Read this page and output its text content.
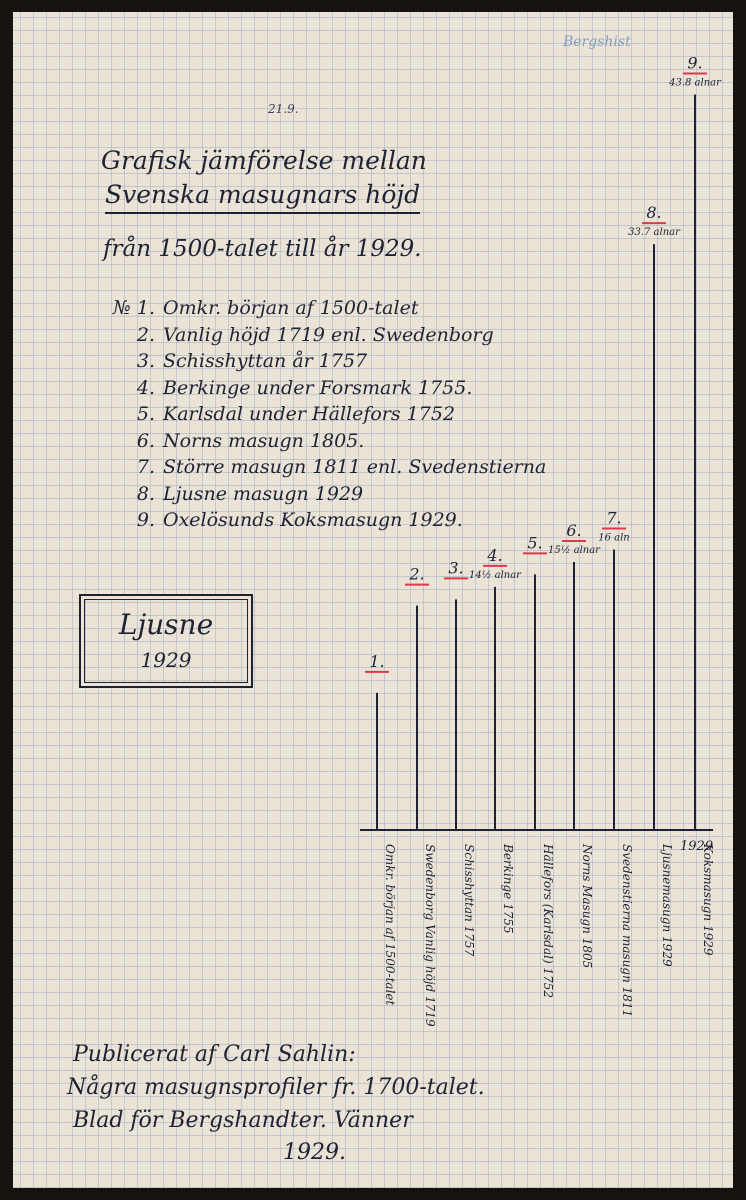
Bergshist
21.9.
Grafisk jämförelse mellan
Svenska masugnars höjd
från 1500-talet till år 1929.
№ 1. Omkr. början af 1500-talet
2. Vanlig höjd 1719 enl. Swedenborg
3. Schisshyttan år 1757
4. Berkinge under Forsmark 1755.
5. Karlsdal under Hällefors 1752
6. Norns masugn 1805.
7. Större masugn 1811 enl. Svedenstierna
8. Ljusne masugn 1929
9. Oxelösunds Koksmasugn 1929.
Ljusne
1929
1929
1.
Omkr. början af 1500-talet
2.
Swedenborg Vanlig höjd 1719
3.
Schisshyttan 1757
4.
14½ alnar
Berkinge 1755
5.
Hällefors (Karlsdal) 1752
6.
15½ alnar
Norns Masugn 1805
7.
16 aln
Svedenstierna masugn 1811
8.
33.7 alnar
Ljusnemasugn 1929
9.
43.8 alnar
Koksmasugn 1929
Publicerat af Carl Sahlin:
Några masugnsprofiler fr. 1700-talet.
Blad för Bergshandter. Vänner
1929.
